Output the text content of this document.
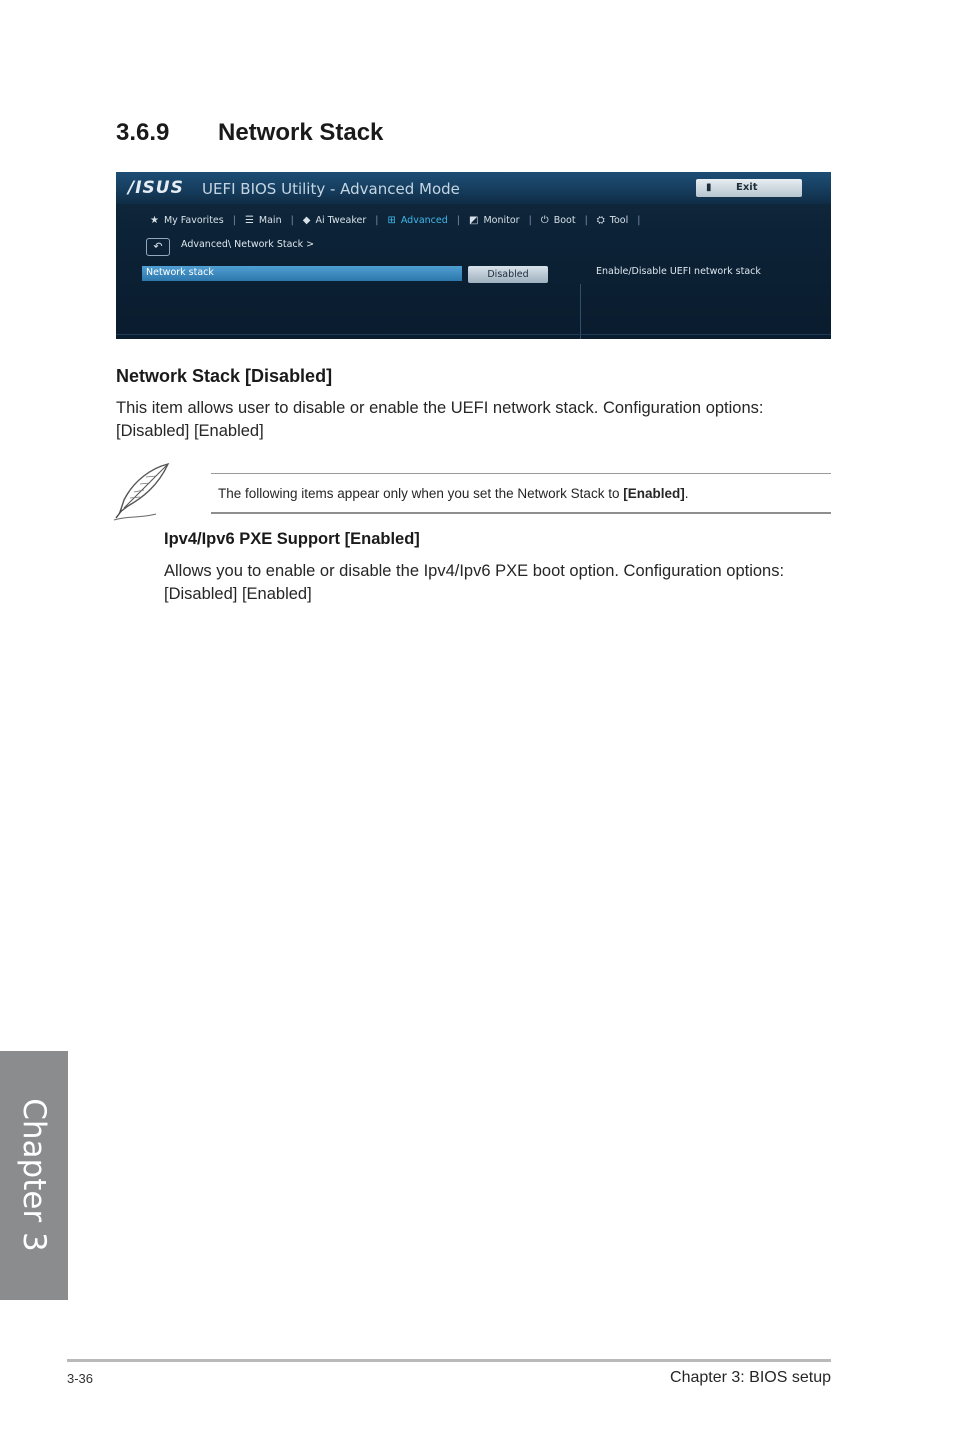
3.6.9 Network Stack
/ISUS UEFI BIOS Utility - Advanced Mode	▮ Exit
★ My Favorites | ☰ Main | ◆ Ai Tweaker | ⊞ Advanced | ◩ Monitor | ⏻ Boot | ⛭ Tool |
↶	Advanced\ Network Stack >
Network stack	Disabled	Enable/Disable UEFI network stack
Network Stack [Disabled]
This item allows user to disable or enable the UEFI network stack. Configuration options: [Disabled] [Enabled]
The following items appear only when you set the Network Stack to [Enabled].
Ipv4/Ipv6 PXE Support [Enabled]
Allows you to enable or disable the Ipv4/Ipv6 PXE boot option. Configuration options: [Disabled] [Enabled]
Chapter 3
3-36	Chapter 3: BIOS setup
